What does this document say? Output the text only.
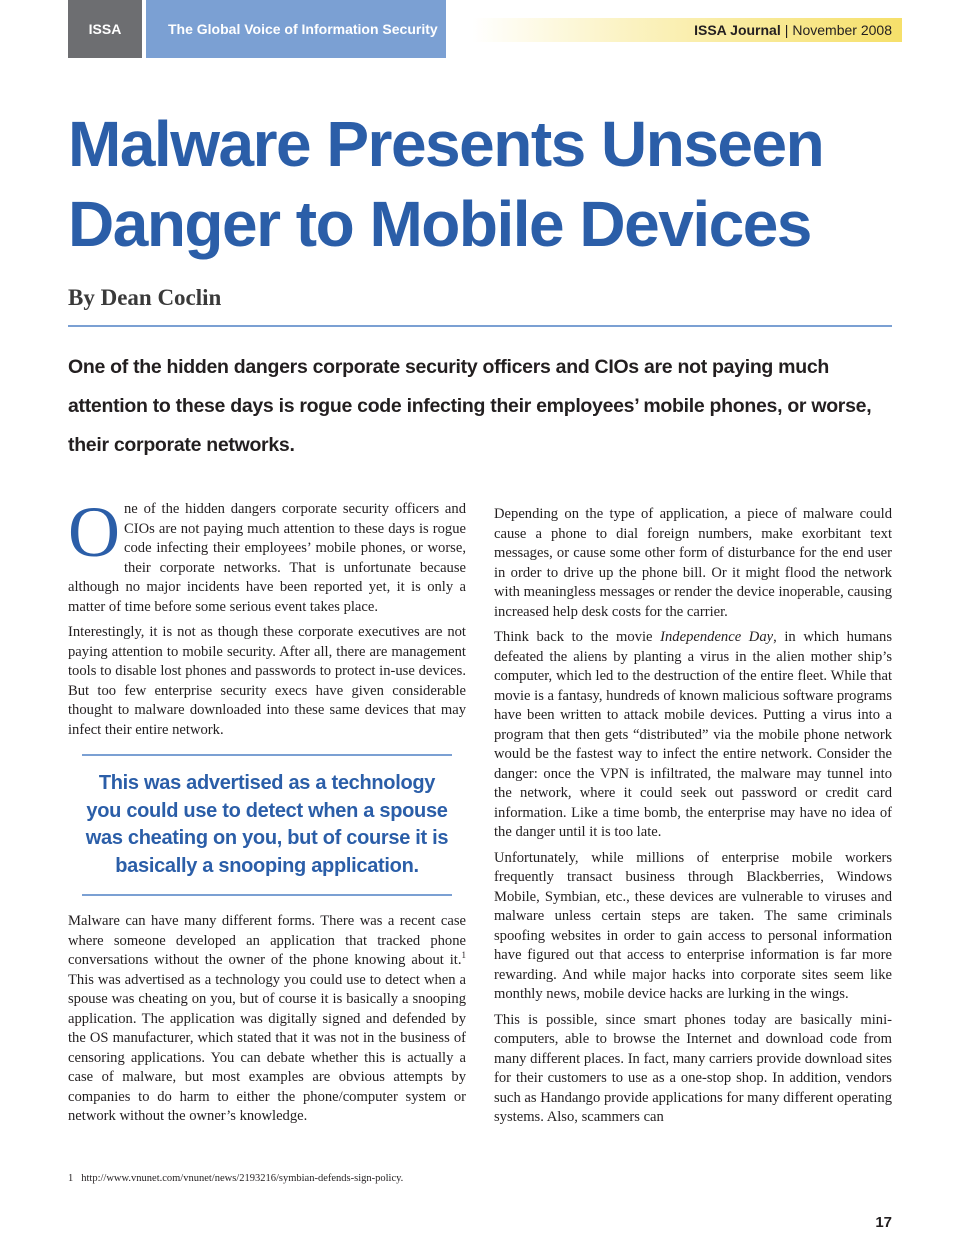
ISSA	The Global Voice of Information Security	ISSA Journal | November 2008
Malware Presents Unseen
Danger to Mobile Devices

By Dean Coclin

One of the hidden dangers corporate security officers and CIOs are not paying much attention to these days is rogue code infecting their employees’ mobile phones, or worse, their corporate networks.

One of the hidden dangers corporate security officers and CIOs are not paying much attention to these days is rogue code infecting their employees’ mobile phones, or worse, their corporate networks. That is unfortunate because although no major incidents have been reported yet, it is only a matter of time before some serious event takes place.

Interestingly, it is not as though these corporate executives are not paying attention to mobile security. After all, there are management tools to disable lost phones and passwords to protect in-use devices. But too few enterprise security execs have given considerable thought to malware downloaded into these same devices that may infect their entire network.

This was advertised as a technology you could use to detect when a spouse was cheating on you, but of course it is basically a snooping application.

Malware can have many different forms. There was a recent case where someone developed an application that tracked phone conversations without the owner of the phone knowing about it.$^1$ This was advertised as a technology you could use to detect when a spouse was cheating on you, but of course it is basically a snooping application. The application was digitally signed and defended by the OS manufacturer, which stated that it was not in the business of censoring applications. You can debate whether this is actually a case of malware, but most examples are obvious attempts by companies to do harm to either the phone/computer system or network without the owner’s knowledge.

1 http://www.vnunet.com/vnunet/news/2193216/symbian-defends-sign-policy.

Depending on the type of application, a piece of malware could cause a phone to dial foreign numbers, make exorbitant text messages, or cause some other form of disturbance for the end user in order to drive up the phone bill. Or it might flood the network with meaningless messages or render the device inoperable, causing increased help desk costs for the carrier.

Think back to the movie Independence Day, in which humans defeated the aliens by planting a virus in the alien mother ship’s computer, which led to the destruction of the entire fleet. While that movie is a fantasy, hundreds of known malicious software programs have been written to attack mobile devices. Putting a virus into a program that then gets “distributed” via the mobile phone network would be the fastest way to infect the entire network. Consider the danger: once the VPN is infiltrated, the malware may tunnel into the network, where it could seek out password or credit card information. Like a time bomb, the enterprise may have no idea of the danger until it is too late.

Unfortunately, while millions of enterprise mobile workers frequently transact business through Blackberries, Windows Mobile, Symbian, etc., these devices are vulnerable to viruses and malware unless certain steps are taken. The same criminals spoofing websites in order to gain access to personal information have figured out that access to enterprise information is far more rewarding. And while major hacks into corporate sites seem like monthly news, mobile device hacks are lurking in the wings.

This is possible, since smart phones today are basically mini-computers, able to browse the Internet and download code from many different places. In fact, many carriers provide download sites for their customers to use as a one-stop shop. In addition, vendors such as Handango provide applications for many different operating systems. Also, scammers can

17
